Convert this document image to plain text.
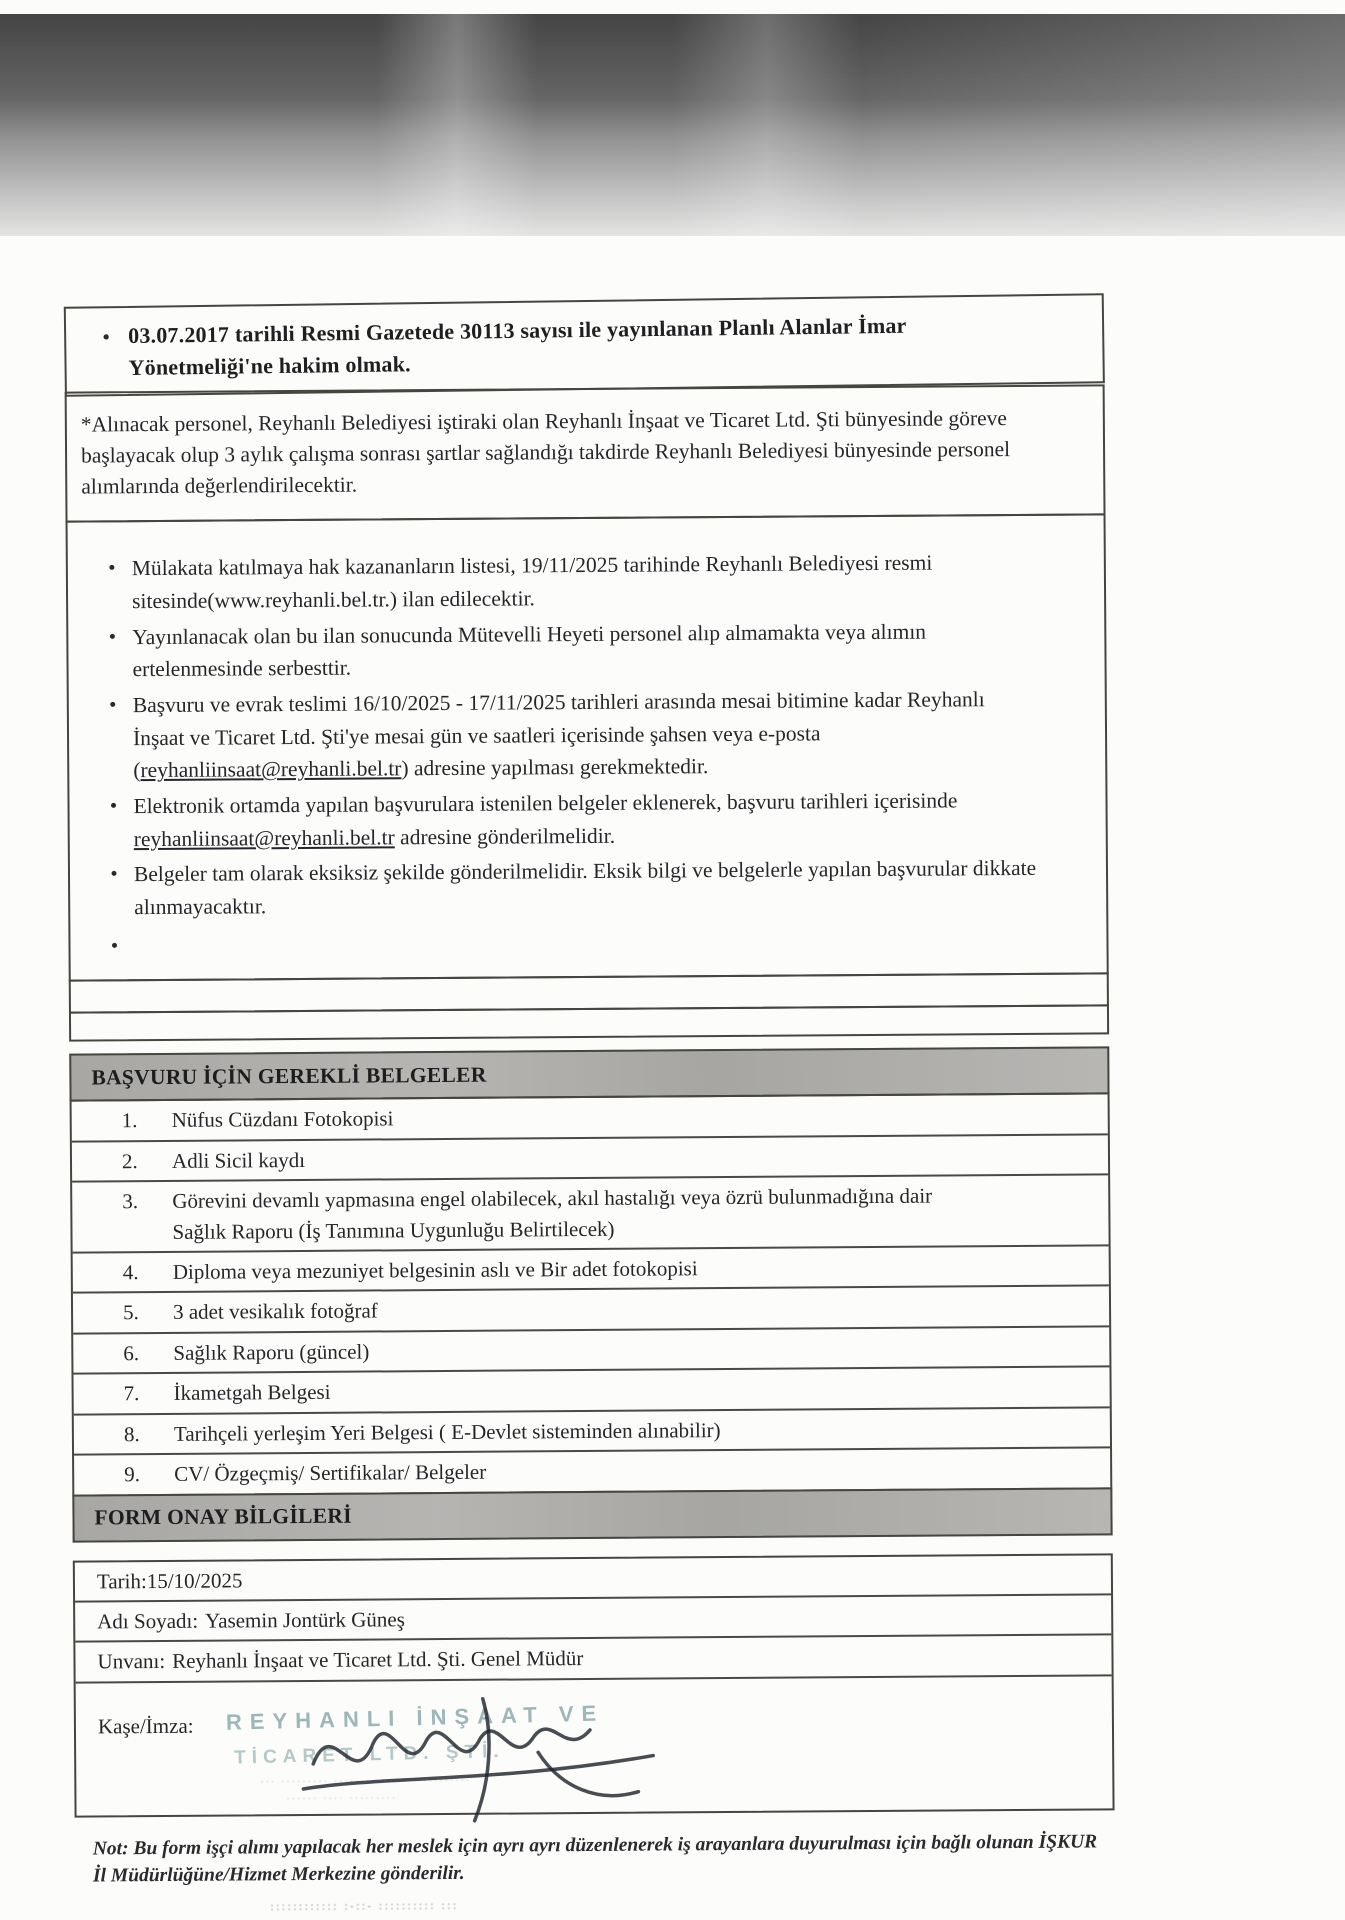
•
03.07.2017 tarihli Resmi Gazetede 30113 sayısı ile yayınlanan Planlı Alanlar İmar Yönetmeliği'ne hakim olmak.

*Alınacak personel, Reyhanlı Belediyesi iştiraki olan Reyhanlı İnşaat ve Ticaret Ltd. Şti bünyesinde göreve başlayacak olup 3 aylık çalışma sonrası şartlar sağlandığı takdirde Reyhanlı Belediyesi bünyesinde personel alımlarında değerlendirilecektir.

•
Mülakata katılmaya hak kazananların listesi, 19/11/2025 tarihinde Reyhanlı Belediyesi resmi sitesinde(www.reyhanli.bel.tr.) ilan edilecektir.
•
Yayınlanacak olan bu ilan sonucunda Mütevelli Heyeti personel alıp almamakta veya alımın ertelenmesinde serbesttir.
•
Başvuru ve evrak teslimi 16/10/2025 - 17/11/2025 tarihleri arasında mesai bitimine kadar Reyhanlı İnşaat ve Ticaret Ltd. Şti'ye mesai gün ve saatleri içerisinde şahsen veya e-posta (reyhanliinsaat@reyhanli.bel.tr) adresine yapılması gerekmektedir.
•
Elektronik ortamda yapılan başvurulara istenilen belgeler eklenerek, başvuru tarihleri içerisinde reyhanliinsaat@reyhanli.bel.tr adresine gönderilmelidir.
•
Belgeler tam olarak eksiksiz şekilde gönderilmelidir. Eksik bilgi ve belgelerle yapılan başvurular dikkate alınmayacaktır.
•
BAŞVURU İÇİN GEREKLİ BELGELER
1.	Nüfus Cüzdanı Fotokopisi
2.	Adli Sicil kaydı
3.	Görevini devamlı yapmasına engel olabilecek, akıl hastalığı veya özrü bulunmadığına dair Sağlık Raporu (İş Tanımına Uygunluğu Belirtilecek)
4.	Diploma veya mezuniyet belgesinin aslı ve Bir adet fotokopisi
5.	3 adet vesikalık fotoğraf
6.	Sağlık Raporu (güncel)
7.	İkametgah Belgesi
8.	Tarihçeli yerleşim Yeri Belgesi ( E-Devlet sisteminden alınabilir)
9.	CV/ Özgeçmiş/ Sertifikalar/ Belgeler
FORM ONAY BİLGİLERİ
Tarih: 15/10/2025
Adı Soyadı: Yasemin Jontürk Güneş
Unvanı: Reyhanlı İnşaat ve Ticaret Ltd. Şti. Genel Müdür
Kaşe/İmza: REYHANLI İNŞAAT VE
TİCARET LTD. ŞTİ.
··· ········· ········ ····· ···········
······ ···· ·········

Not: Bu form işçi alımı yapılacak her meslek için ayrı ayrı düzenlenerek iş arayanlara duyurulması için bağlı olunan İŞKUR İl Müdürlüğüne/Hizmet Merkezine gönderilir.

:::::::::::: :-::- :::::::::: :::
